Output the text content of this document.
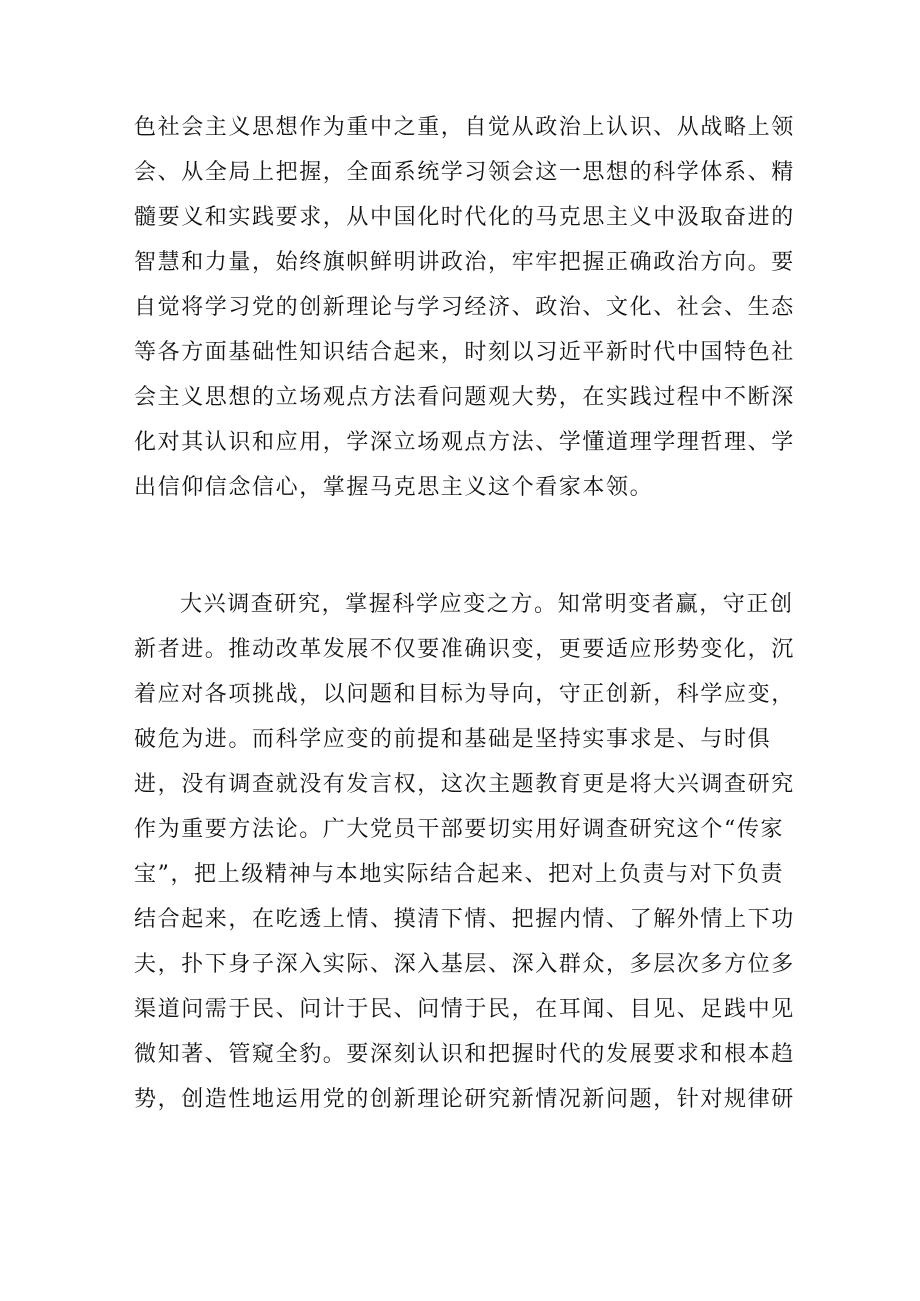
色社会主义思想作为重中之重，自觉从政治上认识、从战略上领
会、从全局上把握，全面系统学习领会这一思想的科学体系、精
髓要义和实践要求，从中国化时代化的马克思主义中汲取奋进的
智慧和力量，始终旗帜鲜明讲政治，牢牢把握正确政治方向。要
自觉将学习党的创新理论与学习经济、政治、文化、社会、生态
等各方面基础性知识结合起来，时刻以习近平新时代中国特色社
会主义思想的立场观点方法看问题观大势，在实践过程中不断深
化对其认识和应用，学深立场观点方法、学懂道理学理哲理、学
出信仰信念信心，掌握马克思主义这个看家本领。
大兴调查研究，掌握科学应变之方。知常明变者赢，守正创
新者进。推动改革发展不仅要准确识变，更要适应形势变化，沉
着应对各项挑战，以问题和目标为导向，守正创新，科学应变，
破危为进。而科学应变的前提和基础是坚持实事求是、与时俱
进，没有调查就没有发言权，这次主题教育更是将大兴调查研究
作为重要方法论。广大党员干部要切实用好调查研究这个“传家
宝”，把上级精神与本地实际结合起来、把对上负责与对下负责
结合起来，在吃透上情、摸清下情、把握内情、了解外情上下功
夫，扑下身子深入实际、深入基层、深入群众，多层次多方位多
渠道问需于民、问计于民、问情于民，在耳闻、目见、足践中见
微知著、管窥全豹。要深刻认识和把握时代的发展要求和根本趋
势，创造性地运用党的创新理论研究新情况新问题，针对规律研
